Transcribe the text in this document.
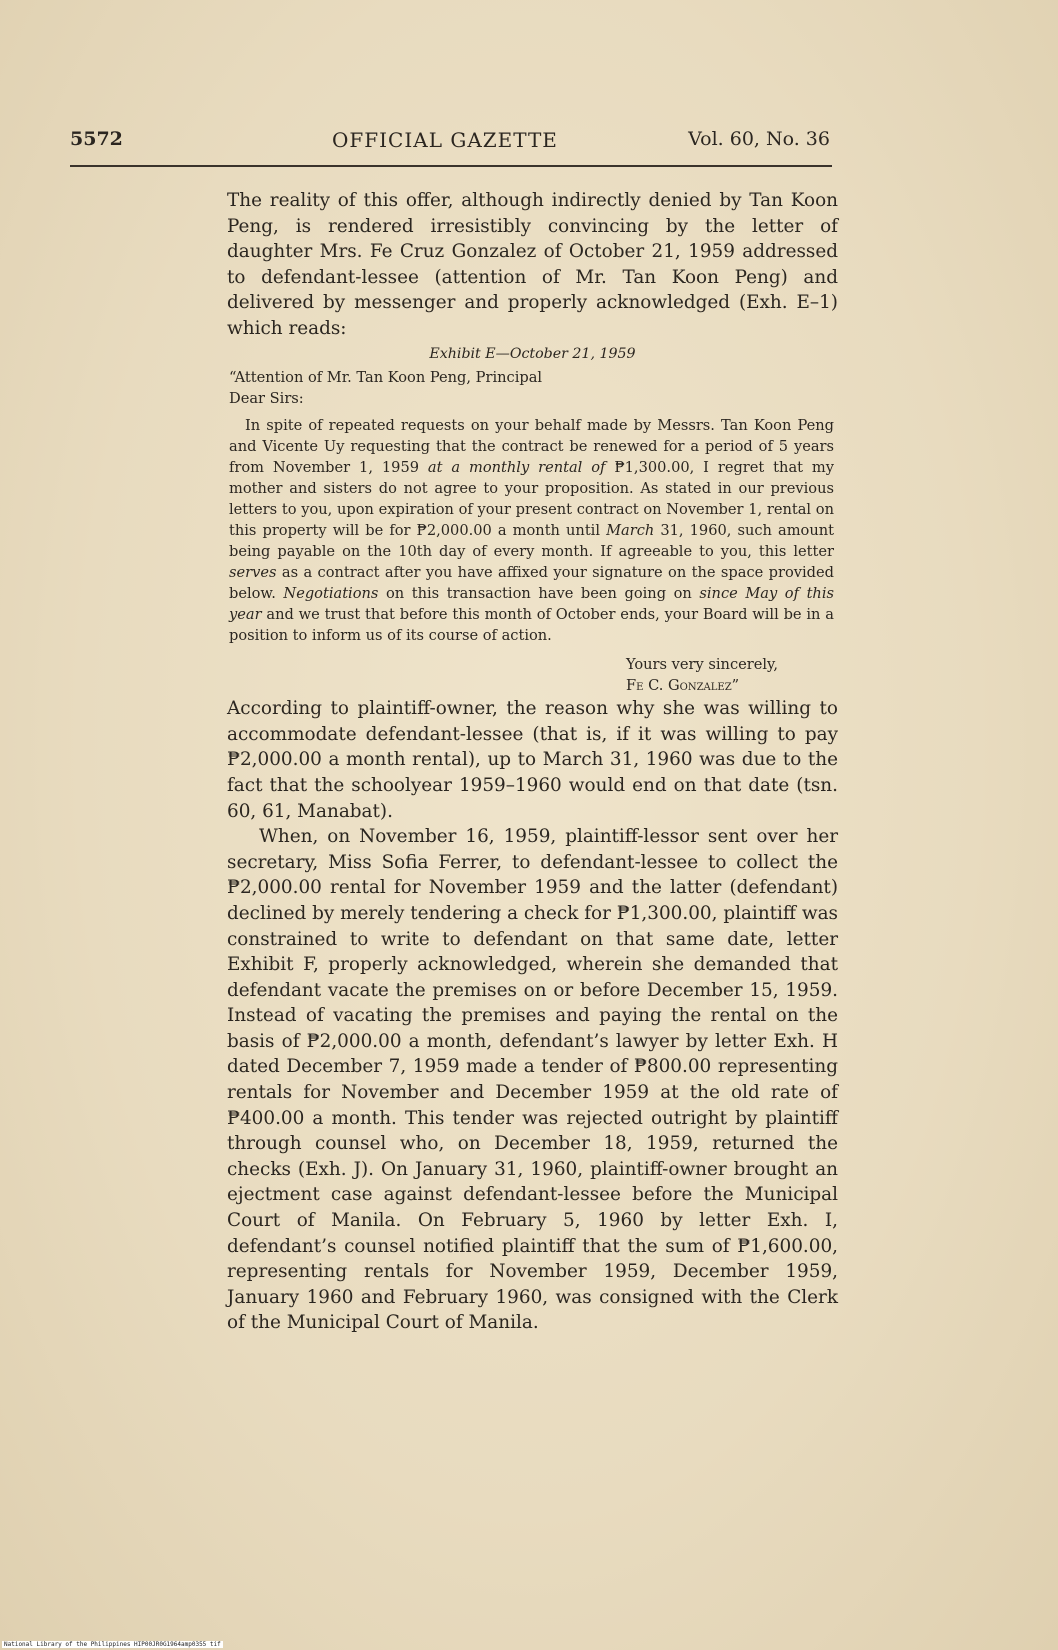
5572	OFFICIAL GAZETTE	Vol. 60, No. 36

The reality of this offer, although indirectly denied by Tan Koon Peng, is rendered irresistibly convincing by the letter of daughter Mrs. Fe Cruz Gonzalez of October 21, 1959 addressed to defendant-lessee (attention of Mr. Tan Koon Peng) and delivered by messenger and properly acknowledged (Exh. E–1) which reads:

Exhibit E—October 21, 1959

“Attention of Mr. Tan Koon Peng, Principal

Dear Sirs:

In spite of repeated requests on your behalf made by Messrs. Tan Koon Peng and Vicente Uy requesting that the contract be renewed for a period of 5 years from November 1, 1959 at a monthly rental of ₱1,300.00, I regret that my mother and sisters do not agree to your proposition. As stated in our previous letters to you, upon expiration of your present contract on November 1, rental on this property will be for ₱2,000.00 a month until March 31, 1960, such amount being payable on the 10th day of every month. If agreeable to you, this letter serves as a contract after you have affixed your signature on the space provided below. Negotiations on this transaction have been going on since May of this year and we trust that before this month of October ends, your Board will be in a position to inform us of its course of action.

Yours very sincerely,
Fe C. Gonzalez”

According to plaintiff-owner, the reason why she was willing to accommodate defendant-lessee (that is, if it was willing to pay ₱2,000.00 a month rental), up to March 31, 1960 was due to the fact that the schoolyear 1959–1960 would end on that date (tsn. 60, 61, Manabat).

When, on November 16, 1959, plaintiff-lessor sent over her secretary, Miss Sofia Ferrer, to defendant-lessee to collect the ₱2,000.00 rental for November 1959 and the latter (defendant) declined by merely tendering a check for ₱1,300.00, plaintiff was constrained to write to defendant on that same date, letter Exhibit F, properly acknowledged, wherein she demanded that defendant vacate the premises on or before December 15, 1959. Instead of vacating the premises and paying the rental on the basis of ₱2,000.00 a month, defendant’s lawyer by letter Exh. H dated December 7, 1959 made a tender of ₱800.00 representing rentals for November and December 1959 at the old rate of ₱400.00 a month. This tender was rejected outright by plaintiff through counsel who, on December 18, 1959, returned the checks (Exh. J). On January 31, 1960, plaintiff-owner brought an ejectment case against defendant-lessee before the Municipal Court of Manila. On February 5, 1960 by letter Exh. I, defendant’s counsel notified plaintiff that the sum of ₱1,600.00, representing rentals for November 1959, December 1959, January 1960 and February 1960, was consigned with the Clerk of the Municipal Court of Manila.

National Library of the Philippines HIP00JR0G1964amp0355 tif
